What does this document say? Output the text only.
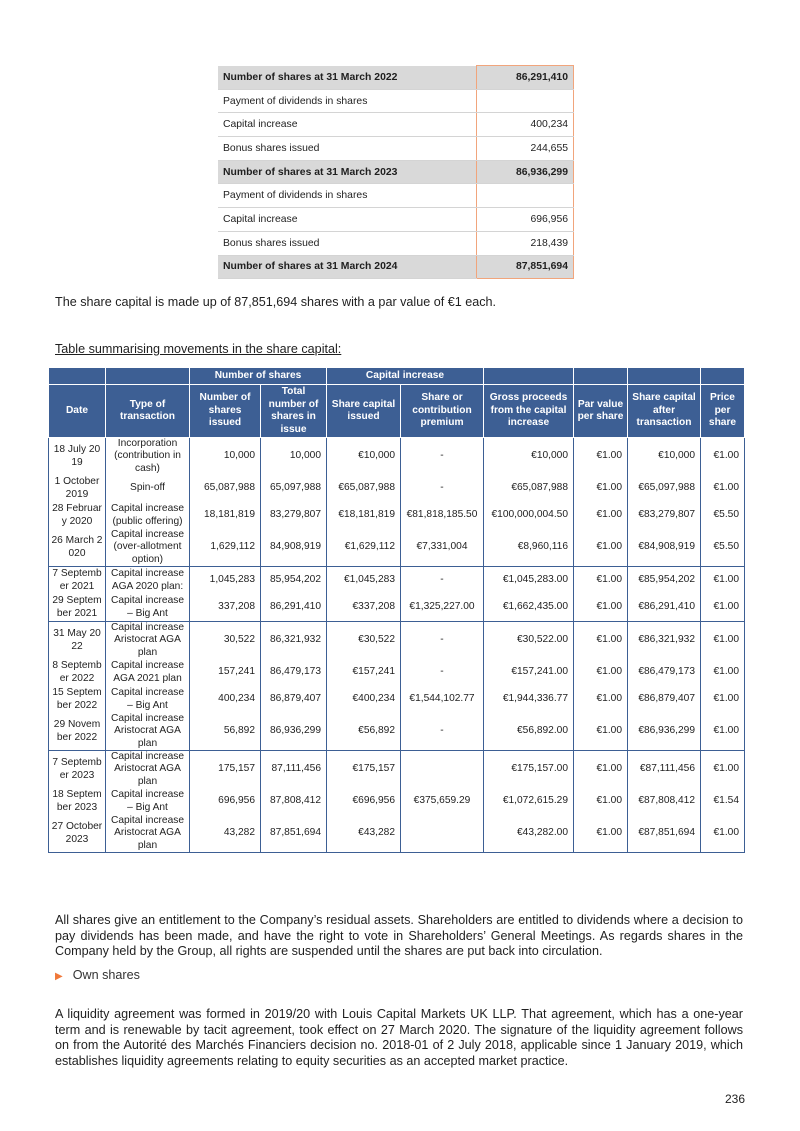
Number of shares at 31 March 2022	86,291,410
Payment of dividends in shares	
Capital increase	400,234
Bonus shares issued	244,655
Number of shares at 31 March 2023	86,936,299
Payment of dividends in shares	
Capital increase	696,956
Bonus shares issued	218,439
Number of shares at 31 March 2024	87,851,694

The share capital is made up of 87,851,694 shares with a par value of €1 each.

Table summarising movements in the share capital:
		Number of shares		Capital increase					
Date	Type of transaction	Number of shares issued	Total number of shares in issue	Share capital issued	Share or contribution premium	Gross proceeds from the capital increase	Par value per share	Share capital after transaction	Price per share
18 July 20 19	Incorporation (contribution in cash)	10,000	10,000	€10,000	-	€10,000	€1.00	€10,000	€1.00
1 October 2019	Spin-off	65,087,988	65,097,988	€65,087,988	-	€65,087,988	€1.00	€65,097,988	€1.00
28 Februar y 2020	Capital increase (public offering)	18,181,819	83,279,807	€18,181,819	€81,818,185.50	€100,000,004.50	€1.00	€83,279,807	€5.50
26 March 2 020	Capital increase (over-allotment option)	1,629,112	84,908,919	€1,629,112	€7,331,004	€8,960,116	€1.00	€84,908,919	€5.50
7 Septemb er 2021	Capital increase AGA 2020 plan:	1,045,283	85,954,202	€1,045,283	-	€1,045,283.00	€1.00	€85,954,202	€1.00
29 Septem ber 2021	Capital increase – Big Ant	337,208	86,291,410	€337,208	€1,325,227.00	€1,662,435.00	€1.00	€86,291,410	€1.00
31 May 20 22	Capital increase Aristocrat AGA plan	30,522	86,321,932	€30,522	-	€30,522.00	€1.00	€86,321,932	€1.00
8 Septemb er 2022	Capital increase AGA 2021 plan	157,241	86,479,173	€157,241	-	€157,241.00	€1.00	€86,479,173	€1.00
15 Septem ber 2022	Capital increase – Big Ant	400,234	86,879,407	€400,234	€1,544,102.77	€1,944,336.77	€1.00	€86,879,407	€1.00
29 Novem ber 2022	Capital increase Aristocrat AGA plan	56,892	86,936,299	€56,892	-	€56,892.00	€1.00	€86,936,299	€1.00
7 Septemb er 2023	Capital increase Aristocrat AGA plan	175,157	87,111,456	€175,157		€175,157.00	€1.00	€87,111,456	€1.00
18 Septem ber 2023	Capital increase – Big Ant	696,956	87,808,412	€696,956	€375,659.29	€1,072,615.29	€1.00	€87,808,412	€1.54
27 October 2023	Capital increase Aristocrat AGA plan	43,282	87,851,694	€43,282		€43,282.00	€1.00	€87,851,694	€1.00

All shares give an entitlement to the Company’s residual assets. Shareholders are entitled to dividends where a decision to pay dividends has been made, and have the right to vote in Shareholders’ General Meetings. As regards shares in the Company held by the Group, all rights are suspended until the shares are put back into circulation.

▶ Own shares

A liquidity agreement was formed in 2019/20 with Louis Capital Markets UK LLP. That agreement, which has a one-year term and is renewable by tacit agreement, took effect on 27 March 2020. The signature of the liquidity agreement follows on from the Autorité des Marchés Financiers decision no. 2018-01 of 2 July 2018, applicable since 1 January 2019, which establishes liquidity agreements relating to equity securities as an accepted market practice.

236
